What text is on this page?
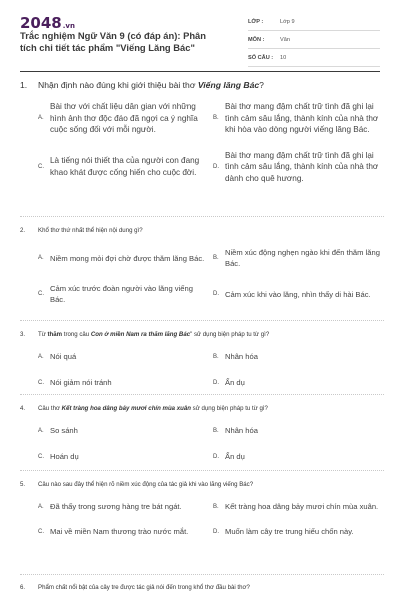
2048.vn
Trắc nghiệm Ngữ Văn 9 (có đáp án): Phân tích chi tiết tác phẩm "Viếng Lăng Bác"
LỚP :	Lớp 9
MÔN :	Văn
SỐ CÂU :	10
1.	Nhận định nào đúng khi giới thiệu bài thơ Viếng lăng Bác?
A.
Bài thơ với chất liệu dân gian với những hình ảnh thơ độc đáo đã ngợi ca ý nghĩa cuộc sống đối với mỗi người.
B.
Bài thơ mang đậm chất trữ tình đã ghi lại tình cảm sâu lắng, thành kính của nhà thơ khi hòa vào dòng người viếng lăng Bác.
C.
Là tiếng nói thiết tha của người con đang khao khát được cống hiến cho cuộc đời.
D.
Bài thơ mang đậm chất trữ tình đã ghi lại tình cảm sâu lắng, thành kính của nhà thơ dành cho quê hương.
2.	Khổ thơ thứ nhất thể hiện nội dung gì?
A. Niềm mong mỏi đợi chờ được thăm lăng Bác.	B.
Niềm xúc động nghẹn ngào khi đến thăm lăng Bác.
C.
Cảm xúc trước đoàn người vào lăng viếng Bác.
D. Cảm xúc khi vào lăng, nhìn thấy di hài Bác.
3.	Từ thăm trong câu Con ở miền Nam ra thăm lăng Bác" sử dụng biện pháp tu từ gì?
A. Nói quá	B. Nhân hóa
C. Nói giảm nói tránh	D. Ẩn dụ
4.	Câu thơ Kết tràng hoa dâng bảy mươi chín mùa xuân sử dụng biện pháp tu từ gì?
A. So sánh	B. Nhân hóa
C. Hoán dụ	D. Ẩn dụ
5.	Câu nào sau đây thể hiện rõ niềm xúc động của tác giả khi vào lăng viếng Bác?
A. Đã thấy trong sương hàng tre bát ngát.	B. Kết tràng hoa dâng bảy mươi chín mùa xuân.
C. Mai về miền Nam thương trào nước mắt.	D. Muốn làm cây tre trung hiếu chốn này.
6.	Phẩm chất nổi bật của cây tre được tác giả nói đến trong khổ thơ đầu bài thơ?
